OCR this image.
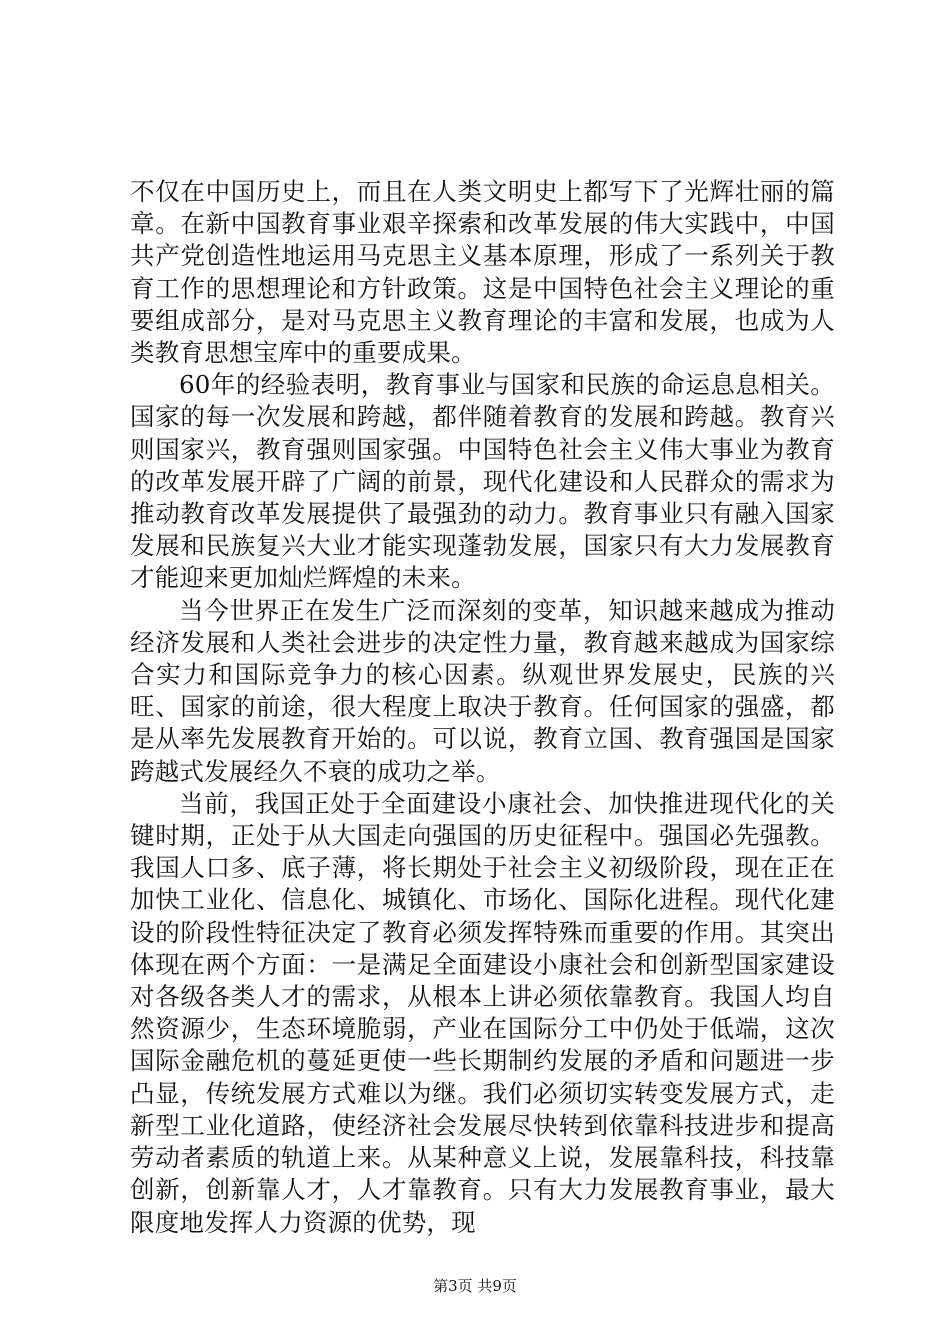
不仅在中国历史上，而且在人类文明史上都写下了光辉壮丽的篇章。在新中国教育事业艰辛探索和改革发展的伟大实践中，中国共产党创造性地运用马克思主义基本原理，形成了一系列关于教育工作的思想理论和方针政策。这是中国特色社会主义理论的重要组成部分，是对马克思主义教育理论的丰富和发展，也成为人类教育思想宝库中的重要成果。

60年的经验表明，教育事业与国家和民族的命运息息相关。国家的每一次发展和跨越，都伴随着教育的发展和跨越。教育兴则国家兴，教育强则国家强。中国特色社会主义伟大事业为教育的改革发展开辟了广阔的前景，现代化建设和人民群众的需求为推动教育改革发展提供了最强劲的动力。教育事业只有融入国家发展和民族复兴大业才能实现蓬勃发展，国家只有大力发展教育才能迎来更加灿烂辉煌的未来。

当今世界正在发生广泛而深刻的变革，知识越来越成为推动经济发展和人类社会进步的决定性力量，教育越来越成为国家综合实力和国际竞争力的核心因素。纵观世界发展史，民族的兴旺、国家的前途，很大程度上取决于教育。任何国家的强盛，都是从率先发展教育开始的。可以说，教育立国、教育强国是国家跨越式发展经久不衰的成功之举。

当前，我国正处于全面建设小康社会、加快推进现代化的关键时期，正处于从大国走向强国的历史征程中。强国必先强教。我国人口多、底子薄，将长期处于社会主义初级阶段，现在正在加快工业化、信息化、城镇化、市场化、国际化进程。现代化建设的阶段性特征决定了教育必须发挥特殊而重要的作用。其突出体现在两个方面：一是满足全面建设小康社会和创新型国家建设对各级各类人才的需求，从根本上讲必须依靠教育。我国人均自然资源少，生态环境脆弱，产业在国际分工中仍处于低端，这次国际金融危机的蔓延更使一些长期制约发展的矛盾和问题进一步凸显，传统发展方式难以为继。我们必须切实转变发展方式，走新型工业化道路，使经济社会发展尽快转到依靠科技进步和提高劳动者素质的轨道上来。从某种意义上说，发展靠科技，科技靠创新，创新靠人才，人才靠教育。只有大力发展教育事业，最大限度地发挥人力资源的优势，现

第3页 共9页
